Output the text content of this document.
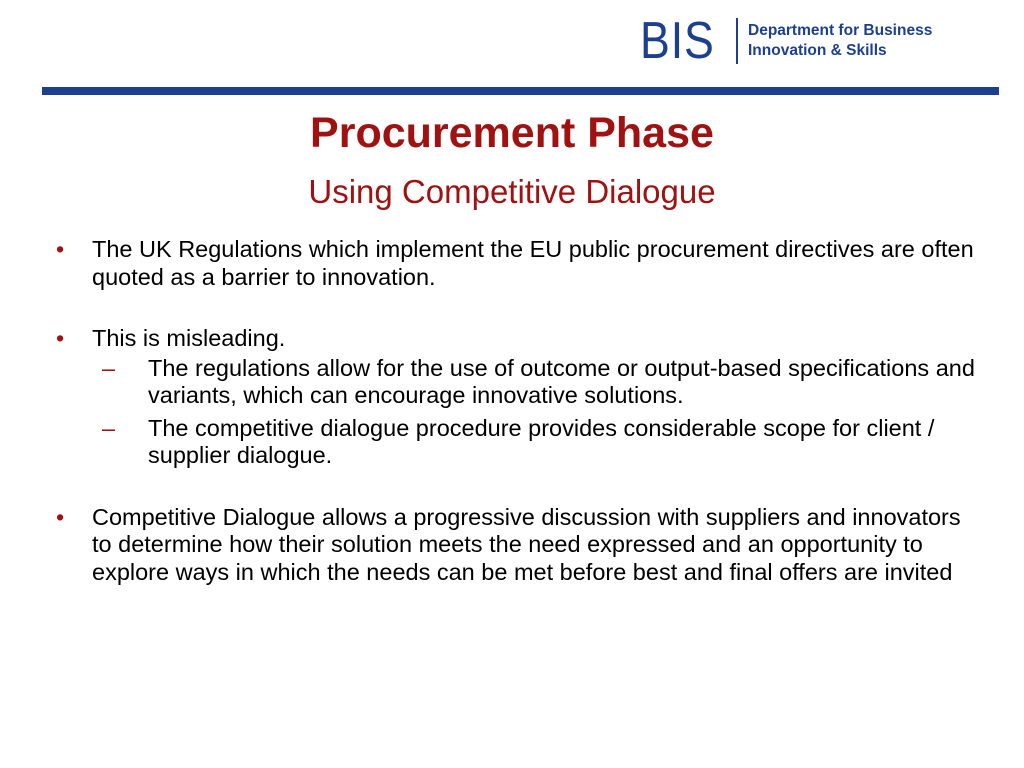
BIS Department for Business
Innovation & Skills
Procurement Phase
Using Competitive Dialogue
•	The UK Regulations which implement the EU public procurement directives are often quoted as a barrier to innovation.
•	This is misleading.
– The regulations allow for the use of outcome or output-based specifications and variants, which can encourage innovative solutions.
– The competitive dialogue procedure provides considerable scope for client / supplier dialogue.
•	Competitive Dialogue allows a progressive discussion with suppliers and innovators to determine how their solution meets the need expressed and an opportunity to explore ways in which the needs can be met before best and final offers are invited
